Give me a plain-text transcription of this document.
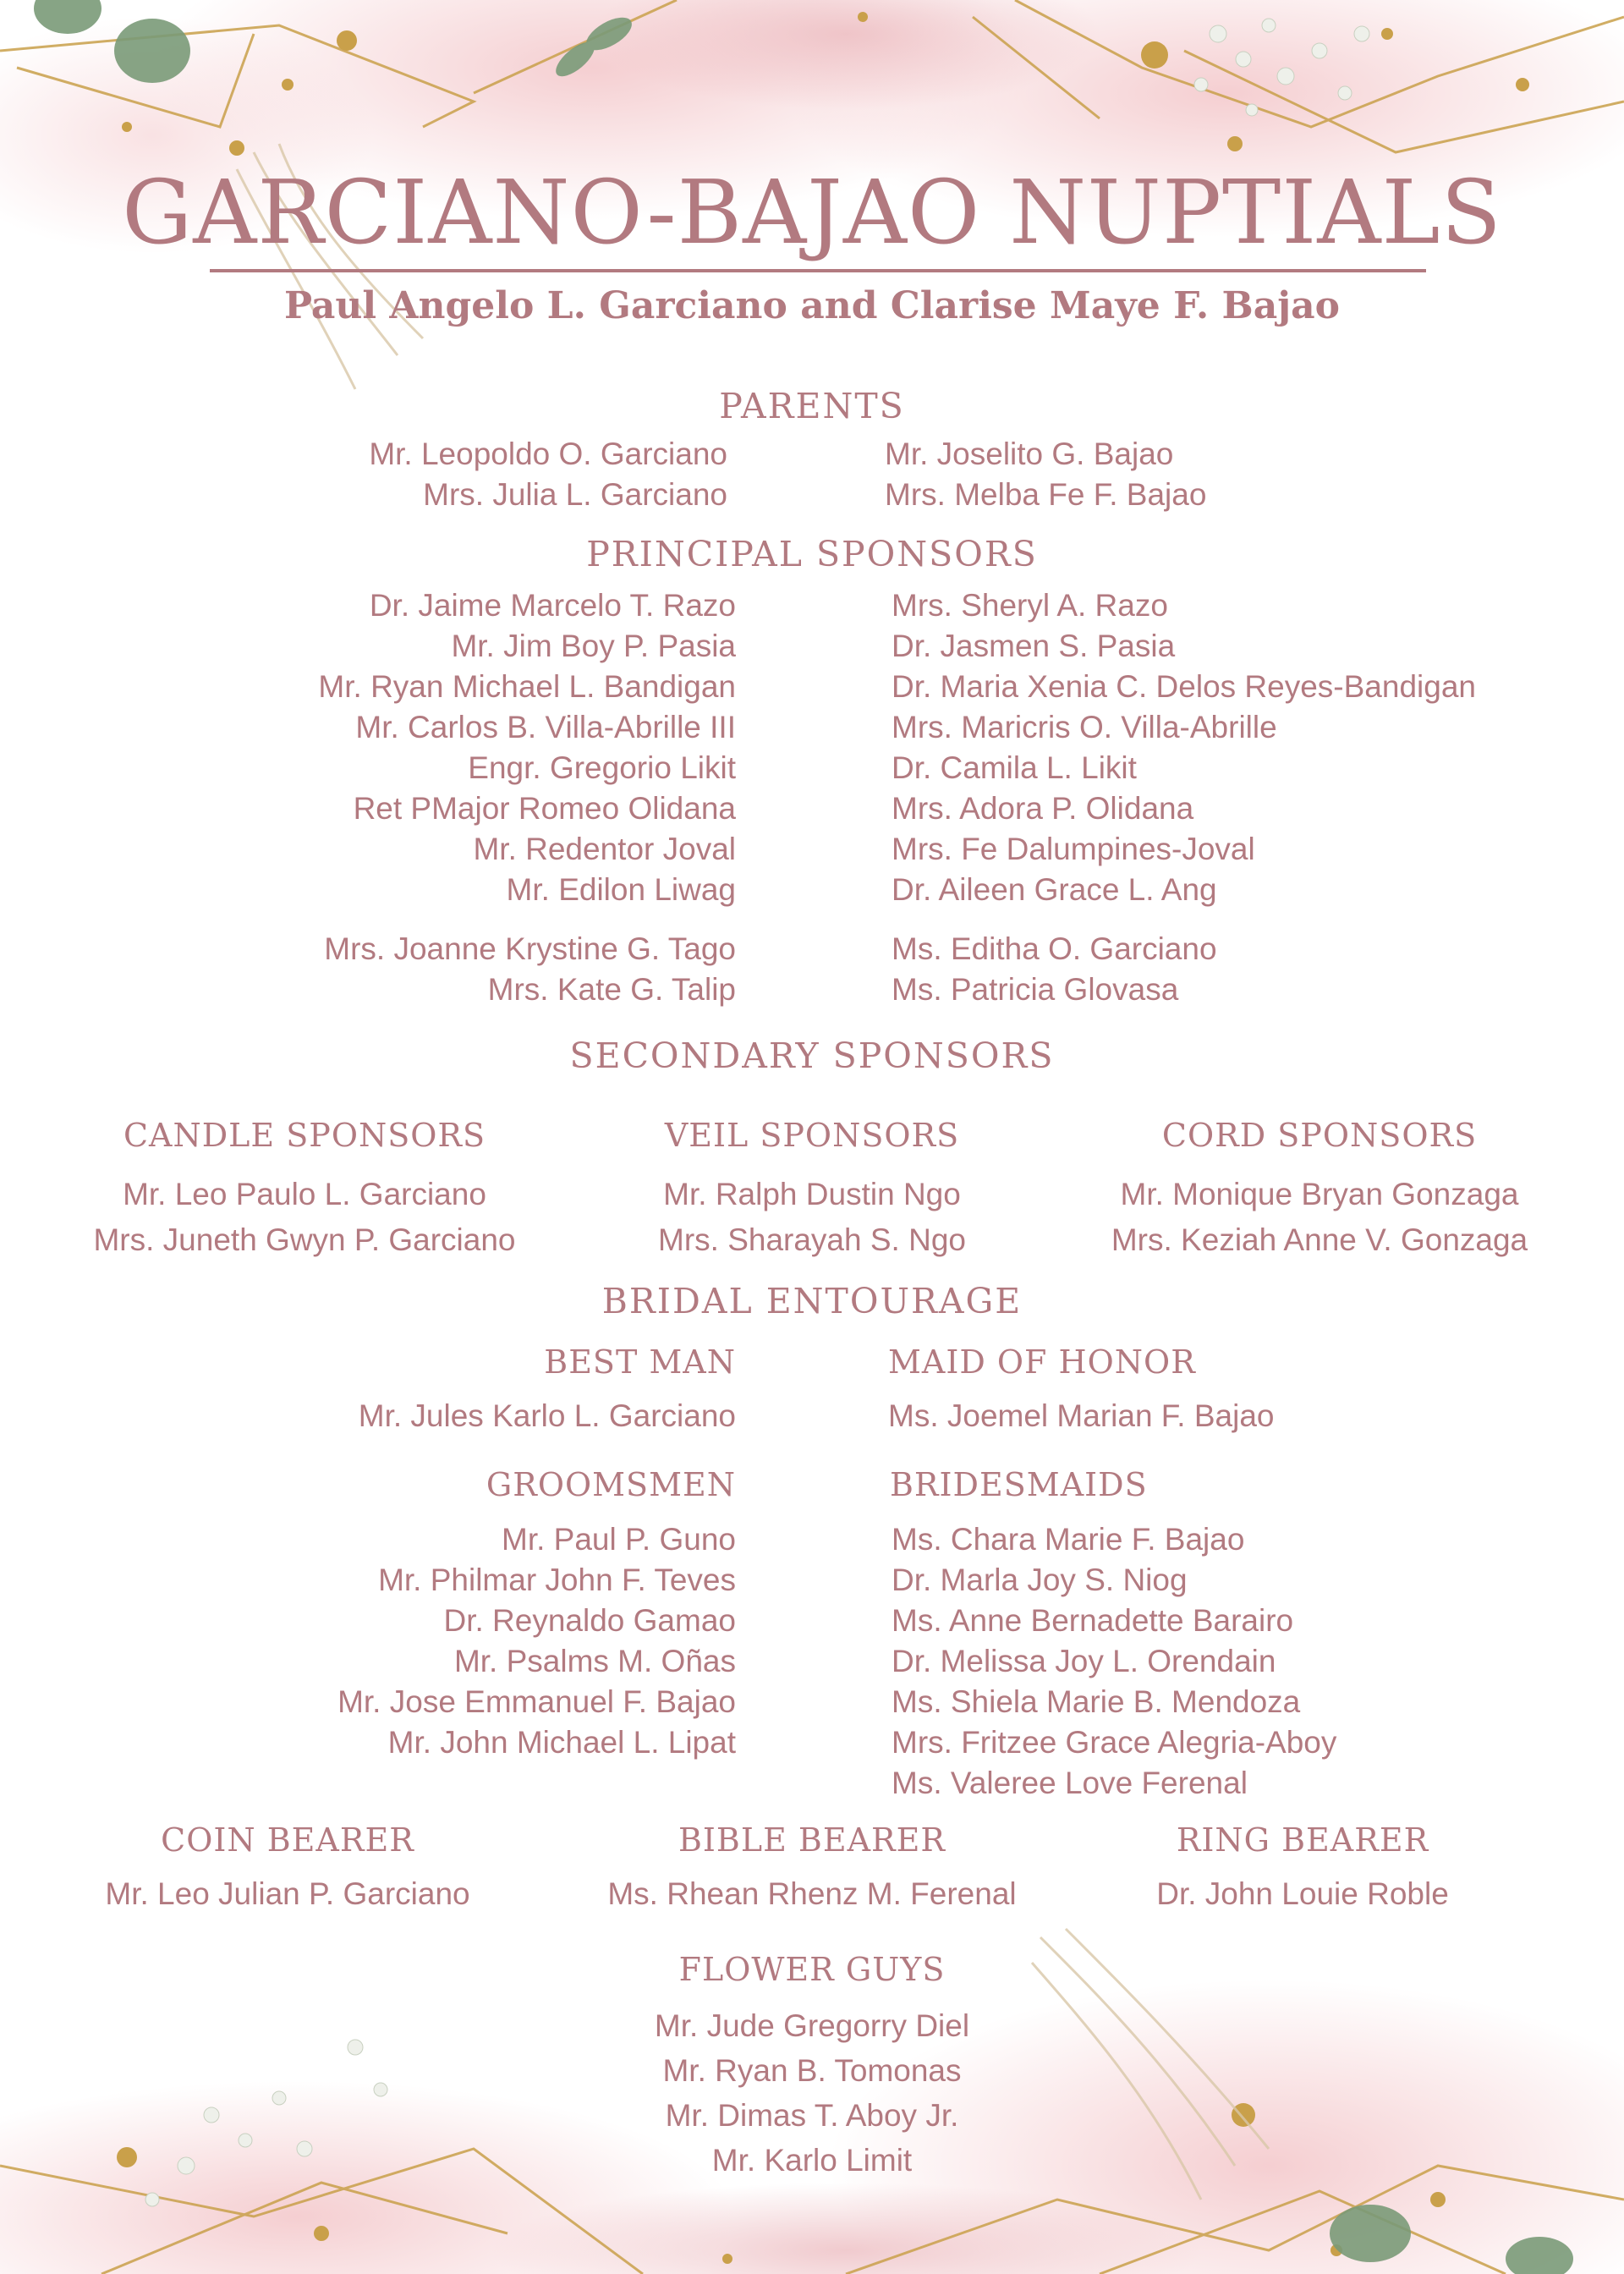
GARCIANO-BAJAO NUPTIALS
Paul Angelo L. Garciano and Clarise Maye F. Bajao
PARENTS
Mr. Leopoldo O. Garciano
Mrs. Julia L. Garciano
Mr. Joselito G. Bajao
Mrs. Melba Fe F. Bajao
PRINCIPAL SPONSORS
Dr. Jaime Marcelo T. Razo
Mr. Jim Boy P. Pasia
Mr. Ryan Michael L. Bandigan
Mr. Carlos B. Villa-Abrille III
Engr. Gregorio Likit
Ret PMajor Romeo Olidana
Mr. Redentor Joval
Mr. Edilon Liwag
Mrs. Sheryl A. Razo
Dr. Jasmen S. Pasia
Dr. Maria Xenia C. Delos Reyes-Bandigan
Mrs. Maricris O. Villa-Abrille
Dr. Camila L. Likit
Mrs. Adora P. Olidana
Mrs. Fe Dalumpines-Joval
Dr. Aileen Grace L. Ang
Mrs. Joanne Krystine G. Tago
Mrs. Kate G. Talip
Ms. Editha O. Garciano
Ms. Patricia Glovasa
SECONDARY SPONSORS
CANDLE SPONSORS
Mr. Leo Paulo L. Garciano
Mrs. Juneth Gwyn P. Garciano
VEIL SPONSORS
Mr. Ralph Dustin Ngo
Mrs. Sharayah S. Ngo
CORD SPONSORS
Mr. Monique Bryan Gonzaga
Mrs. Keziah Anne V. Gonzaga
BRIDAL ENTOURAGE
BEST MAN
Mr. Jules Karlo L. Garciano
MAID OF HONOR
Ms. Joemel Marian F. Bajao
GROOMSMEN
Mr. Paul P. Guno
Mr. Philmar John F. Teves
Dr. Reynaldo Gamao
Mr. Psalms M. Oñas
Mr. Jose Emmanuel F. Bajao
Mr. John Michael L. Lipat
BRIDESMAIDS
Ms. Chara Marie F. Bajao
Dr. Marla Joy S. Niog
Ms. Anne Bernadette Barairo
Dr. Melissa Joy L. Orendain
Ms. Shiela Marie B. Mendoza
Mrs. Fritzee Grace Alegria-Aboy
Ms. Valeree Love Ferenal
COIN BEARER
Mr. Leo Julian P. Garciano
BIBLE BEARER
Ms. Rhean Rhenz M. Ferenal
RING BEARER
Dr. John Louie Roble
FLOWER GUYS
Mr. Jude Gregorry Diel
Mr. Ryan B. Tomonas
Mr. Dimas T. Aboy Jr.
Mr. Karlo Limit
